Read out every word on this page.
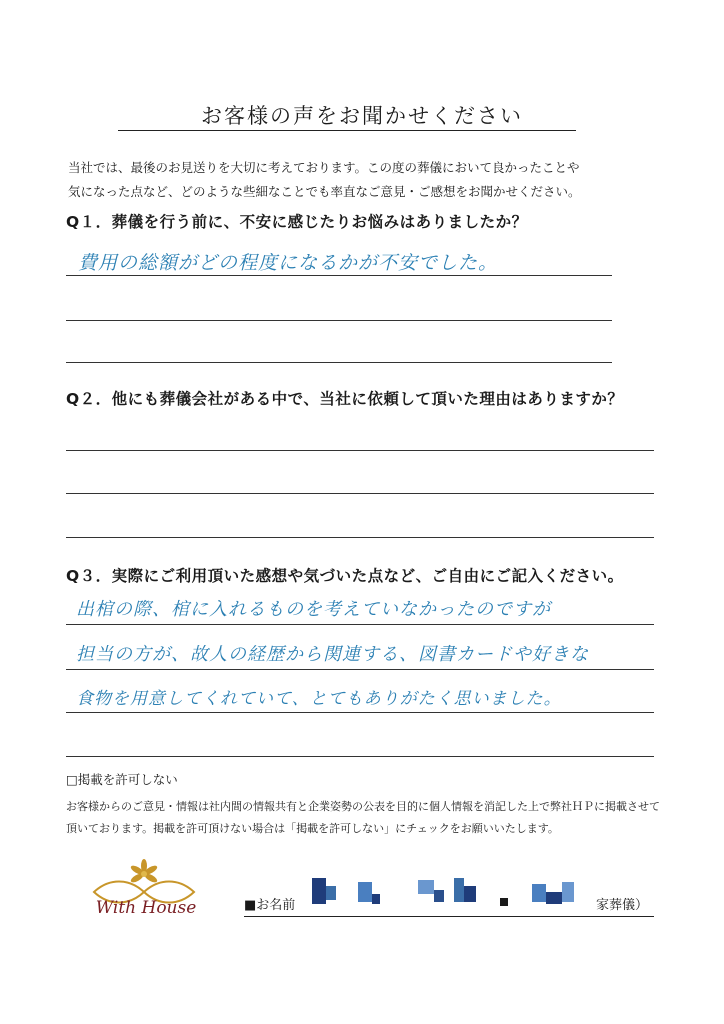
お客様の声をお聞かせください
当社では、最後のお見送りを大切に考えております。この度の葬儀において良かったことや
気になった点など、どのような些細なことでも率直なご意見・ご感想をお聞かせください。
Q１．葬儀を行う前に、不安に感じたりお悩みはありましたか？
費用の総額がどの程度になるかが不安でした。
Q２．他にも葬儀会社がある中で、当社に依頼して頂いた理由はありますか？
Q３．実際にご利用頂いた感想や気づいた点など、ご自由にご記入ください。
出棺の際、棺に入れるものを考えていなかったのですが
担当の方が、故人の経歴から関連する、図書カードや好きな
食物を用意してくれていて、とてもありがたく思いました。
□掲載を許可しない
お客様からのご意見・情報は社内間の情報共有と企業姿勢の公表を目的に個人情報を消記した上で弊社ＨＰに掲載させて
頂いております。掲載を許可頂けない場合は「掲載を許可しない」にチェックをお願いいたします。
With House	■お名前	家葬儀）
